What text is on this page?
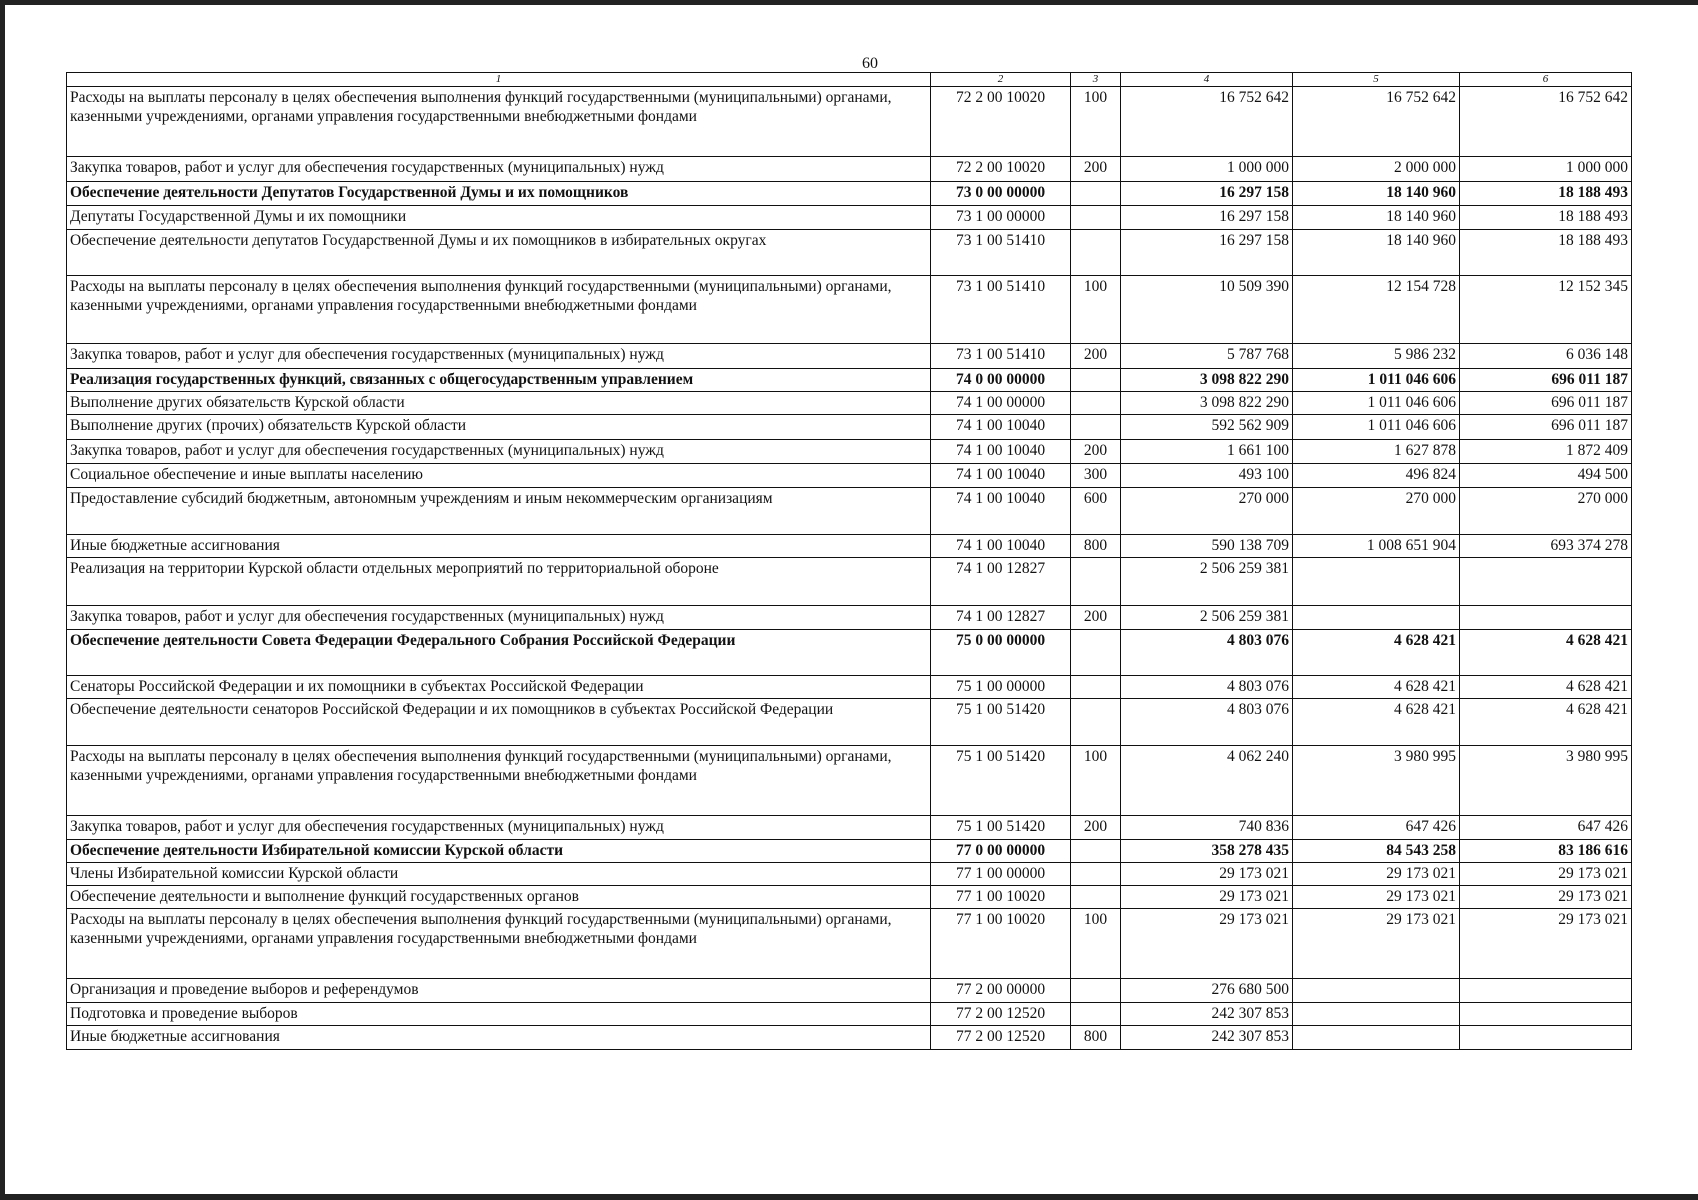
60
1	2	3	4	5	6
Расходы на выплаты персоналу в целях обеспечения выполнения функций государственными (муниципальными) органами, казенными учреждениями, органами управления государственными внебюджетными фондами	72 2 00 10020	100	16 752 642	16 752 642	16 752 642
Закупка товаров, работ и услуг для обеспечения государственных (муниципальных) нужд	72 2 00 10020	200	1 000 000	2 000 000	1 000 000
Обеспечение деятельности Депутатов Государственной Думы и их помощников	73 0 00 00000		16 297 158	18 140 960	18 188 493
Депутаты Государственной Думы и их помощники	73 1 00 00000		16 297 158	18 140 960	18 188 493
Обеспечение деятельности депутатов Государственной Думы и их помощников в избирательных округах	73 1 00 51410		16 297 158	18 140 960	18 188 493
Расходы на выплаты персоналу в целях обеспечения выполнения функций государственными (муниципальными) органами, казенными учреждениями, органами управления государственными внебюджетными фондами	73 1 00 51410	100	10 509 390	12 154 728	12 152 345
Закупка товаров, работ и услуг для обеспечения государственных (муниципальных) нужд	73 1 00 51410	200	5 787 768	5 986 232	6 036 148
Реализация государственных функций, связанных с общегосударственным управлением	74 0 00 00000		3 098 822 290	1 011 046 606	696 011 187
Выполнение других обязательств Курской области	74 1 00 00000		3 098 822 290	1 011 046 606	696 011 187
Выполнение других (прочих) обязательств Курской области	74 1 00 10040		592 562 909	1 011 046 606	696 011 187
Закупка товаров, работ и услуг для обеспечения государственных (муниципальных) нужд	74 1 00 10040	200	1 661 100	1 627 878	1 872 409
Социальное обеспечение и иные выплаты населению	74 1 00 10040	300	493 100	496 824	494 500
Предоставление субсидий бюджетным, автономным учреждениям и иным некоммерческим организациям	74 1 00 10040	600	270 000	270 000	270 000
Иные бюджетные ассигнования	74 1 00 10040	800	590 138 709	1 008 651 904	693 374 278
Реализация на территории Курской области отдельных мероприятий по территориальной обороне	74 1 00 12827		2 506 259 381		
Закупка товаров, работ и услуг для обеспечения государственных (муниципальных) нужд	74 1 00 12827	200	2 506 259 381		
Обеспечение деятельности Совета Федерации Федерального Собрания Российской Федерации	75 0 00 00000		4 803 076	4 628 421	4 628 421
Сенаторы Российской Федерации и их помощники в субъектах Российской Федерации	75 1 00 00000		4 803 076	4 628 421	4 628 421
Обеспечение деятельности сенаторов Российской Федерации и их помощников в субъектах Российской Федерации	75 1 00 51420		4 803 076	4 628 421	4 628 421
Расходы на выплаты персоналу в целях обеспечения выполнения функций государственными (муниципальными) органами, казенными учреждениями, органами управления государственными внебюджетными фондами	75 1 00 51420	100	4 062 240	3 980 995	3 980 995
Закупка товаров, работ и услуг для обеспечения государственных (муниципальных) нужд	75 1 00 51420	200	740 836	647 426	647 426
Обеспечение деятельности Избирательной комиссии Курской области	77 0 00 00000		358 278 435	84 543 258	83 186 616
Члены Избирательной комиссии Курской области	77 1 00 00000		29 173 021	29 173 021	29 173 021
Обеспечение деятельности и выполнение функций государственных органов	77 1 00 10020		29 173 021	29 173 021	29 173 021
Расходы на выплаты персоналу в целях обеспечения выполнения функций государственными (муниципальными) органами, казенными учреждениями, органами управления государственными внебюджетными фондами	77 1 00 10020	100	29 173 021	29 173 021	29 173 021
Организация и проведение выборов и референдумов	77 2 00 00000		276 680 500		
Подготовка и проведение выборов	77 2 00 12520		242 307 853		
Иные бюджетные ассигнования	77 2 00 12520	800	242 307 853		
